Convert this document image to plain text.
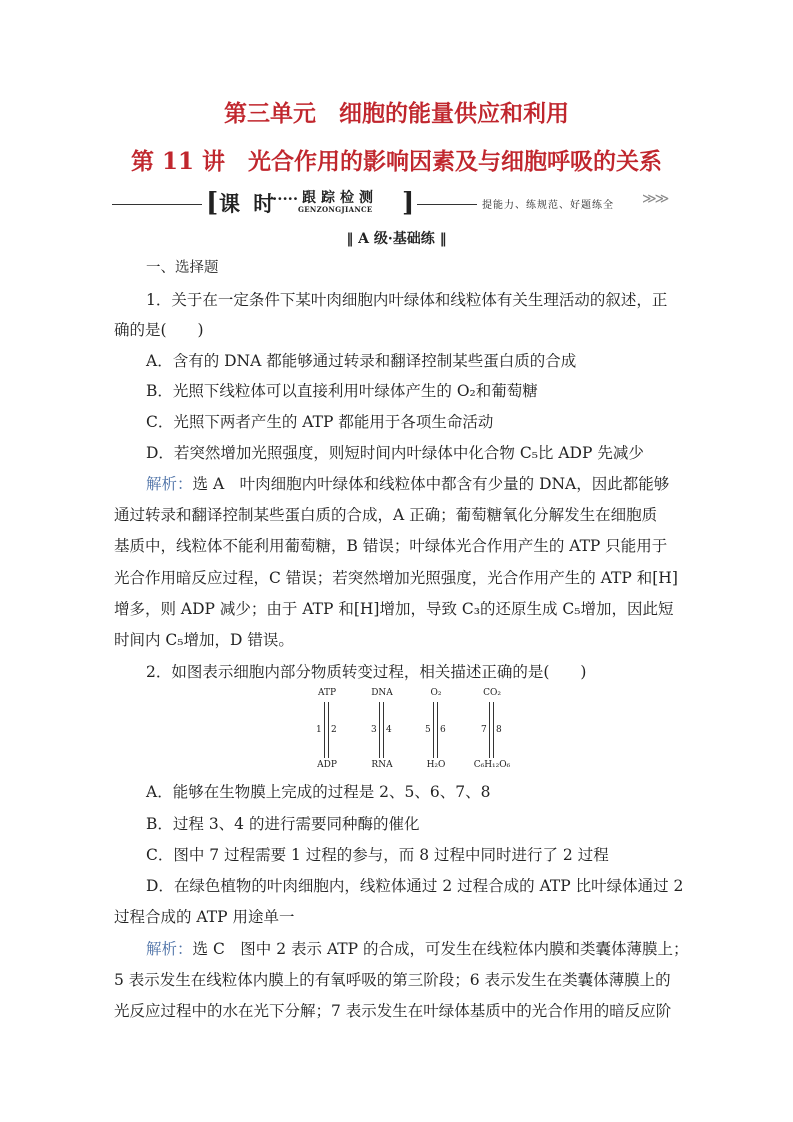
第三单元　细胞的能量供应和利用
第 11 讲　光合作用的影响因素及与细胞呼吸的关系
[ 课 时
····· 跟踪检测
GENZONGJIANCE ]	提能力、练规范、好题练全 ≫≫
‖ A 级·基础练 ‖
一、选择题
1．关于在一定条件下某叶肉细胞内叶绿体和线粒体有关生理活动的叙述，正
确的是(　　)
A．含有的 DNA 都能够通过转录和翻译控制某些蛋白质的合成
B．光照下线粒体可以直接利用叶绿体产生的 O₂和葡萄糖
C．光照下两者产生的 ATP 都能用于各项生命活动
D．若突然增加光照强度，则短时间内叶绿体中化合物 C₅比 ADP 先减少
解析：选 A　叶肉细胞内叶绿体和线粒体中都含有少量的 DNA，因此都能够
通过转录和翻译控制某些蛋白质的合成，A 正确；葡萄糖氧化分解发生在细胞质
基质中，线粒体不能利用葡萄糖，B 错误；叶绿体光合作用产生的 ATP 只能用于
光合作用暗反应过程，C 错误；若突然增加光照强度，光合作用产生的 ATP 和[H]
增多，则 ADP 减少；由于 ATP 和[H]增加，导致 C₃的还原生成 C₅增加，因此短
时间内 C₅增加，D 错误。
2．如图表示细胞内部分物质转变过程，相关描述正确的是(　　)
ATP
ADP
1 2
DNA
RNA
3 4
O₂
H₂O
5 6
CO₂
C₆H₁₂O₆
7 8
A．能够在生物膜上完成的过程是 2、5、6、7、8
B．过程 3、4 的进行需要同种酶的催化
C．图中 7 过程需要 1 过程的参与，而 8 过程中同时进行了 2 过程
D．在绿色植物的叶肉细胞内，线粒体通过 2 过程合成的 ATP 比叶绿体通过 2
过程合成的 ATP 用途单一
解析：选 C　图中 2 表示 ATP 的合成，可发生在线粒体内膜和类囊体薄膜上；
5 表示发生在线粒体内膜上的有氧呼吸的第三阶段；6 表示发生在类囊体薄膜上的
光反应过程中的水在光下分解；7 表示发生在叶绿体基质中的光合作用的暗反应阶
